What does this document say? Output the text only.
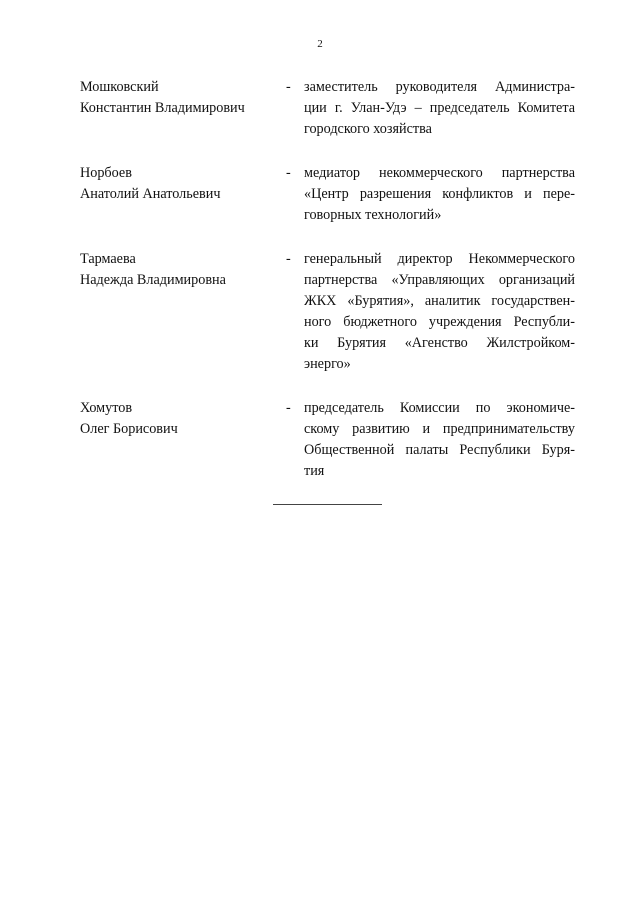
2
Мошковский
Константин Владимирович
- заместитель руководителя Администра-
ции г. Улан-Удэ – председатель Комитета
городского хозяйства
Норбоев
Анатолий Анатольевич
- медиатор некоммерческого партнерства
«Центр разрешения конфликтов и пере-
говорных технологий»
Тармаева
Надежда Владимировна
- генеральный директор Некоммерческого
партнерства «Управляющих организаций
ЖКХ «Бурятия», аналитик государствен-
ного бюджетного учреждения Республи-
ки Бурятия «Агенство Жилстройком-
энерго»
Хомутов
Олег Борисович
- председатель Комиссии по экономиче-
скому развитию и предпринимательству
Общественной палаты Республики Буря-
тия
